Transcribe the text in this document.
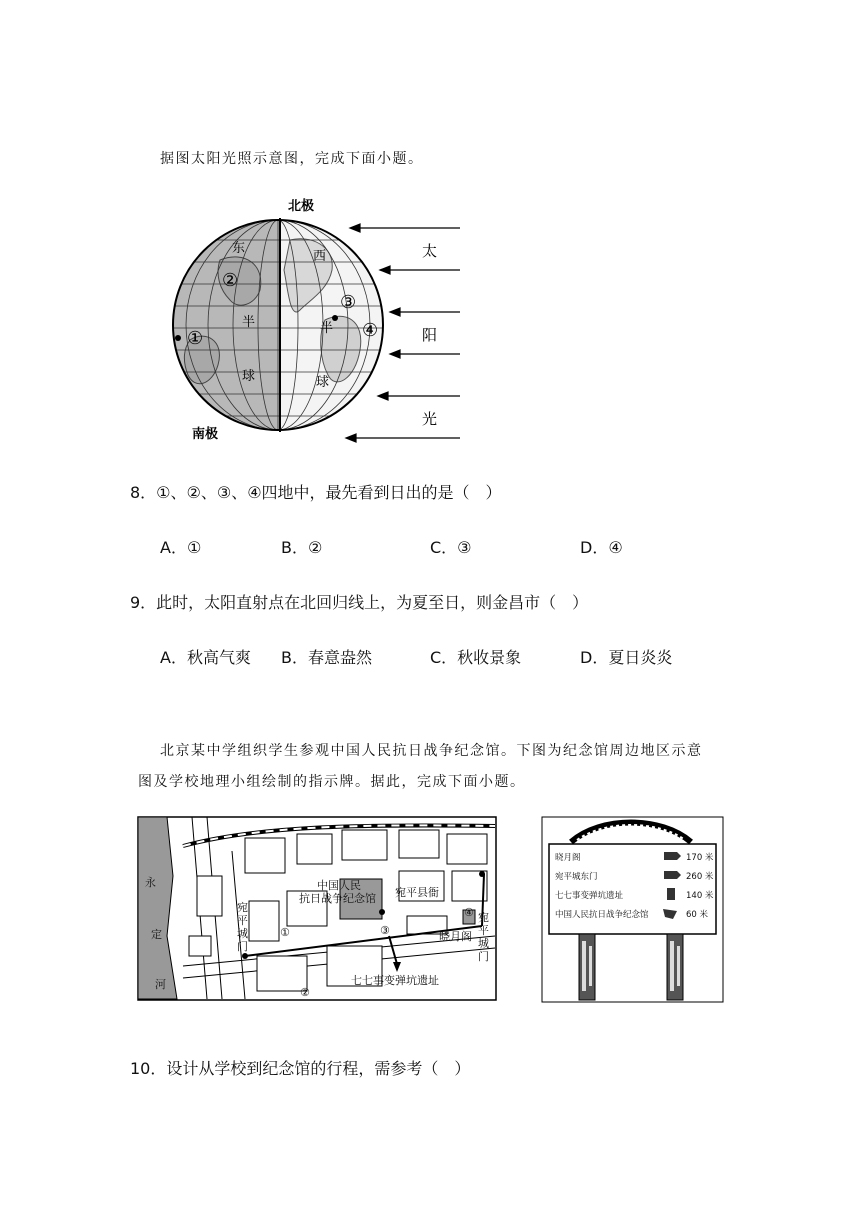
据图太阳光照示意图，完成下面小题。
东
半
球
西
半
球
北极
南极
①
②
③
④
太
阳
光
8．①、②、③、④四地中，最先看到日出的是（　）
A．①	B．②	C．③	D．④
9．此时，太阳直射点在北回归线上，为夏至日，则金昌市（　）
A．秋高气爽 B．春意盎然	C．秋收景象	D．夏日炎炎
北京某中学组织学生参观中国人民抗日战争纪念馆。下图为纪念馆周边地区示意
图及学校地理小组绘制的指示牌。据此，完成下面小题。
永
定
河
中国人民
抗日战争纪念馆 宛平县衙
宛
平
城
门
宛
平
城
门
晓月阁
七七事变弹坑遗址
①
②
③
④
晓月阁	170 米
宛平城东门	260 米
七七事变弹坑遗址	140 米
中国人民抗日战争纪念馆	60 米
10．设计从学校到纪念馆的行程，需参考（　）
